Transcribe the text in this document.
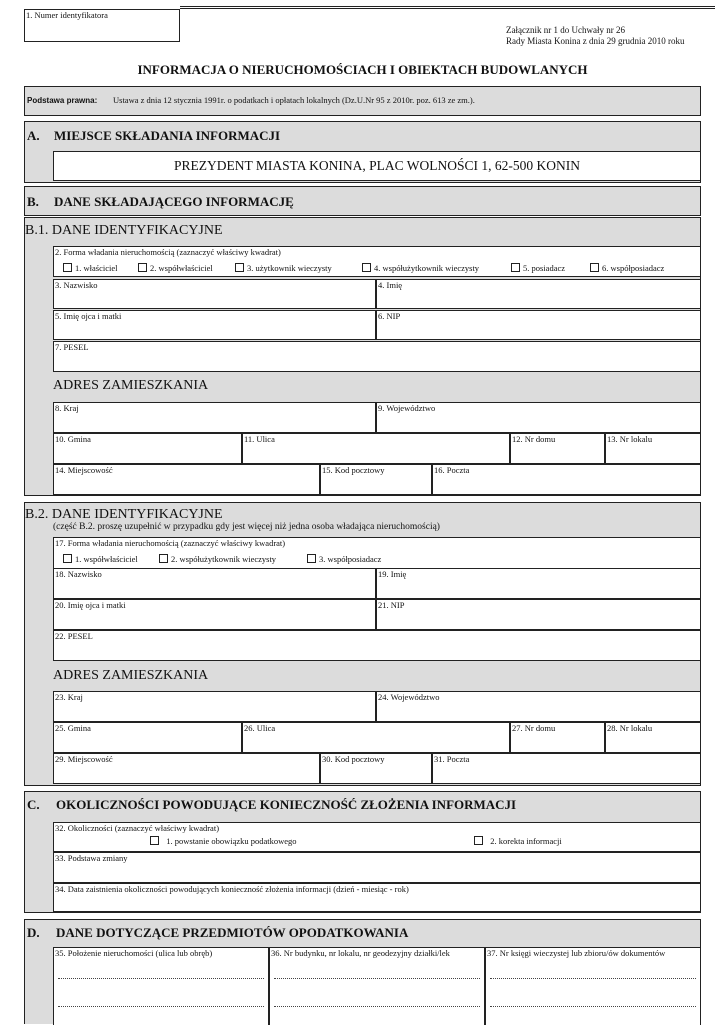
1. Numer identyfikatora
Załącznik nr 1 do Uchwały nr 26
Rady Miasta Konina z dnia 29 grudnia 2010 roku
INFORMACJA O NIERUCHOMOŚCIACH I OBIEKTACH BUDOWLANYCH
Podstawa prawna: Ustawa z dnia 12 stycznia 1991r. o podatkach i opłatach lokalnych (Dz.U.Nr 95 z 2010r. poz. 613 ze zm.).
A. MIEJSCE SKŁADANIA INFORMACJI
PREZYDENT MIASTA KONINA, PLAC WOLNOŚCI 1, 62-500 KONIN
B. DANE SKŁADAJĄCEGO INFORMACJĘ
B.1. DANE IDENTYFIKACYJNE
2. Forma władania nieruchomością (zaznaczyć właściwy kwadrat)
1. właściciel	2. współwłaściciel	3. użytkownik wieczysty	4. współużytkownik wieczysty	5. posiadacz	6. współposiadacz
3. Nazwisko	4. Imię
5. Imię ojca i matki	6. NIP
7. PESEL
ADRES ZAMIESZKANIA
8. Kraj	9. Województwo
10. Gmina	11. Ulica	12. Nr domu	13. Nr lokalu
14. Miejscowość	15. Kod pocztowy	16. Poczta
B.2. DANE IDENTYFIKACYJNE
(część B.2. proszę uzupełnić w przypadku gdy jest więcej niż jedna osoba władająca nieruchomością)
17. Forma władania nieruchomością (zaznaczyć właściwy kwadrat)
1. współwłaściciel	2. współużytkownik wieczysty	3. współposiadacz
18. Nazwisko	19. Imię
20. Imię ojca i matki	21. NIP
22. PESEL
ADRES ZAMIESZKANIA
23. Kraj	24. Województwo
25. Gmina	26. Ulica	27. Nr domu	28. Nr lokalu
29. Miejscowość	30. Kod pocztowy	31. Poczta
C. OKOLICZNOŚCI POWODUJĄCE KONIECZNOŚĆ ZŁOŻENIA INFORMACJI
32. Okoliczności (zaznaczyć właściwy kwadrat)
1. powstanie obowiązku podatkowego	2. korekta informacji
33. Podstawa zmiany
34. Data zaistnienia okoliczności powodujących konieczność złożenia informacji (dzień - miesiąc - rok)
D. DANE DOTYCZĄCE PRZEDMIOTÓW OPODATKOWANIA
35. Położenie nieruchomości (ulica lub obręb)	36. Nr budynku, nr lokalu, nr geodezyjny działki/lek	37. Nr księgi wieczystej lub zbioru/ów dokumentów
